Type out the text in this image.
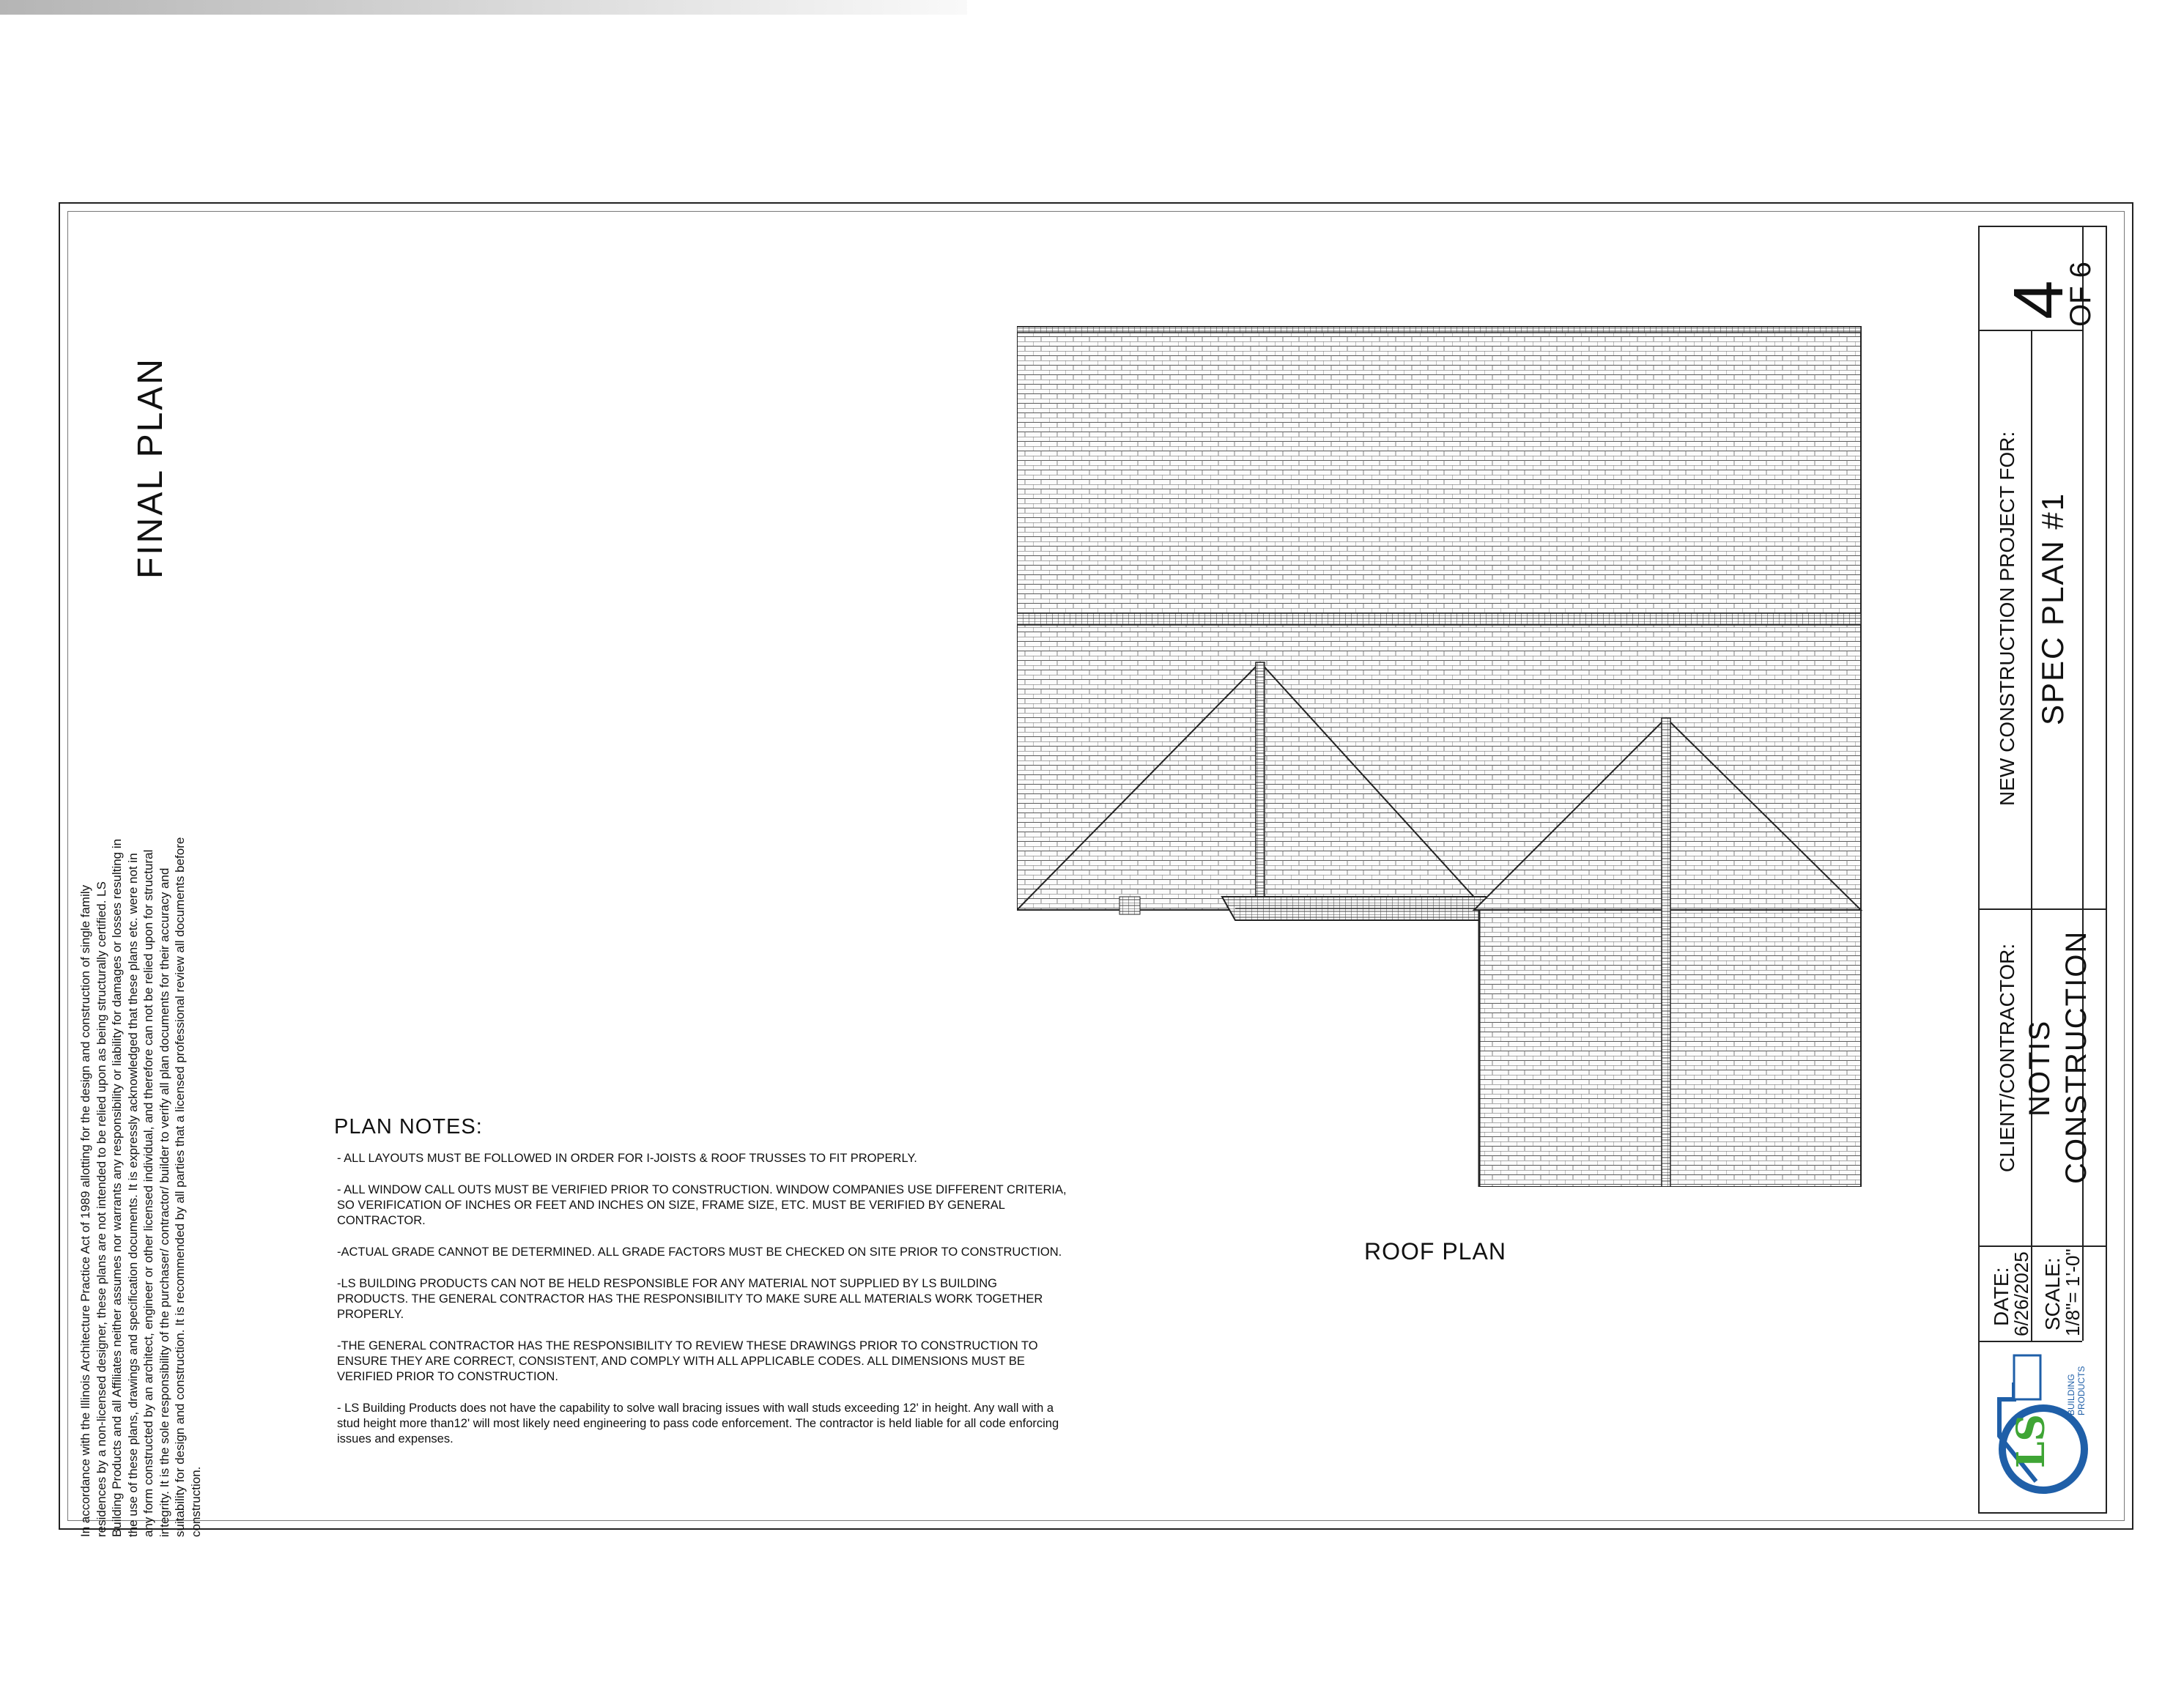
FINAL PLAN
In accordance with the Illinois Architecture Practice Act of 1989 allotting for the design and construction of single family residences by a non-licensed designer, these plans are not intended to be relied upon as being structurally certified. LS Building Products and all Affiliates neither assumes nor warrants any responsibility or liability for damages or losses resulting in the use of these plans, drawings and specification documents. It is expressly acknowledged that these plans etc. were not in any form constructed by an architect, engineer or other licensed individual, and therefore can not be relied upon for structural integrity. It is the sole responsibility of the purchaser/ contractor/ builder to verify all plan documents for their accuracy and suitability for design and construction. It is recommended by all parties that a licensed professional review all documents before construction.
PLAN NOTES:

- ALL LAYOUTS MUST BE FOLLOWED IN ORDER FOR I-JOISTS & ROOF TRUSSES TO FIT PROPERLY.

- ALL WINDOW CALL OUTS MUST BE VERIFIED PRIOR TO CONSTRUCTION. WINDOW COMPANIES USE DIFFERENT CRITERIA, SO VERIFICATION OF INCHES OR FEET AND INCHES ON SIZE, FRAME SIZE, ETC. MUST BE VERIFIED BY GENERAL CONTRACTOR.

-ACTUAL GRADE CANNOT BE DETERMINED. ALL GRADE FACTORS MUST BE CHECKED ON SITE PRIOR TO CONSTRUCTION.

-LS BUILDING PRODUCTS CAN NOT BE HELD RESPONSIBLE FOR ANY MATERIAL NOT SUPPLIED BY LS BUILDING PRODUCTS. THE GENERAL CONTRACTOR HAS THE RESPONSIBILITY TO MAKE SURE ALL MATERIALS WORK TOGETHER PROPERLY.

-THE GENERAL CONTRACTOR HAS THE RESPONSIBILITY TO REVIEW THESE DRAWINGS PRIOR TO CONSTRUCTION TO ENSURE THEY ARE CORRECT, CONSISTENT, AND COMPLY WITH ALL APPLICABLE CODES. ALL DIMENSIONS MUST BE VERIFIED PRIOR TO CONSTRUCTION.

- LS Building Products does not have the capability to solve wall bracing issues with wall studs exceeding 12' in height. Any wall with a stud height more than12' will most likely need engineering to pass code enforcement. The contractor is held liable for all code enforcing issues and expenses.

ROOF PLAN
4
OF 6
NEW CONSTRUCTION PROJECT FOR: SPEC PLAN #1
CLIENT/CONTRACTOR: NOTIS CONSTRUCTION
DATE:
6/26/2025 SCALE:
1/8"= 1'-0"
LS
BUILDING PRODUCTS
